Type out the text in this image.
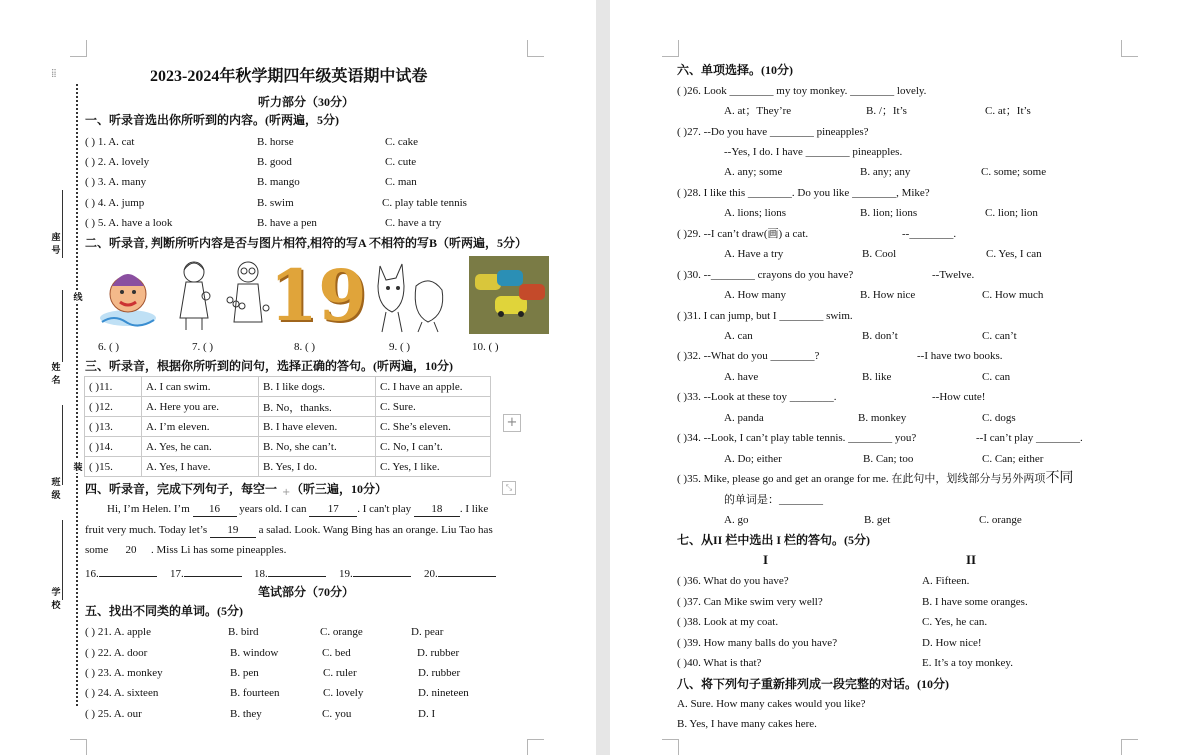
⁞⁞
座号
姓名
班级
学校
线
装
2023-2024年秋学期四年级英语期中试卷
听力部分（30分）
一、听录音选出你所听到的内容。(听两遍，5分)
( ) 1. A. cat	B. horse	C. cake
( ) 2. A. lovely	B. good	C. cute
( ) 3. A. many	B. mango	C. man
( ) 4. A. jump	B. swim	C. play table tennis
( ) 5. A. have a look	B. have a pen	C. have a try
二、听录音, 判断所听内容是否与图片相符,相符的写A 不相符的写B（听两遍，5分）
19
6. ( )	7. ( )	8. ( )	9. ( )	10. ( )
三、听录音，根据你所听到的问句，选择正确的答句。(听两遍，10分)
( )11.	A. I can swim.	B. I like dogs.	C. I have an apple.
( )12.	A. Here you are.	B. No，thanks.	C. Sure.
( )13.	A. I’m eleven.	B. I have eleven.	C. She’s eleven.
( )14.	A. Yes, he can.	B. No, she can’t.	C. No, I can’t.
( )15.	A. Yes, I have.	B. Yes, I do.	C. Yes, I like.
+
⤡
四、听录音，完成下列句子，每空一 （听三遍，10分）
+
Hi, I’m Helen. I’m 16 years old. I can 17 . I can't play 18 . I like
fruit very much. Today let’s 19 a salad. Look. Wang Bing has an orange. Liu Tao has
some 20 . Miss Li has some pineapples.
16.	17.	18.	19.	20.
笔试部分（70分）
五、找出不同类的单词。(5分)
( ) 21. A. apple	B. bird	C. orange	D. pear
( ) 22. A. door	B. window	C. bed	D. rubber
( ) 23. A. monkey	B. pen	C. ruler	D. rubber
( ) 24. A. sixteen	B. fourteen	C. lovely	D. nineteen
( ) 25. A. our	B. they	C. you	D. I
六、单项选择。(10分)
( )26. Look ________ my toy monkey. ________ lovely.
A. at；They’re	B. /；It’s	C. at；It’s
( )27. --Do you have ________ pineapples?
--Yes, I do. I have ________ pineapples.
A. any; some	B. any; any	C. some; some
( )28. I like this ________. Do you like ________, Mike?
A. lions; lions	B. lion; lions	C. lion; lion
( )29. --I can’t draw(画) a cat.	--________.
A. Have a try	B. Cool	C. Yes, I can
( )30. --________ crayons do you have?	--Twelve.
A. How many	B. How nice	C. How much
( )31. I can jump, but I ________ swim.
A. can	B. don’t	C. can’t
( )32. --What do you ________?	--I have two books.
A. have	B. like	C. can
( )33. --Look at these toy ________.	--How cute!
A. panda	B. monkey	C. dogs
( )34. --Look, I can’t play table tennis. ________ you?	--I can’t play ________.
A. Do; either	B. Can; too	C. Can; either
( )35. Mike, please go and get an orange for me. 在此句中，划线部分与另外两项不同
的单词是：________
A. go	B. get	C. orange
七、从II 栏中选出 I 栏的答句。(5分)
I	II
( )36. What do you have?	A. Fifteen.
( )37. Can Mike swim very well?	B. I have some oranges.
( )38. Look at my coat.	C. Yes, he can.
( )39. How many balls do you have?	D. How nice!
( )40. What is that?	E. It’s a toy monkey.
八、将下列句子重新排列成一段完整的对话。(10分)
A. Sure. How many cakes would you like?
B. Yes, I have many cakes here.
